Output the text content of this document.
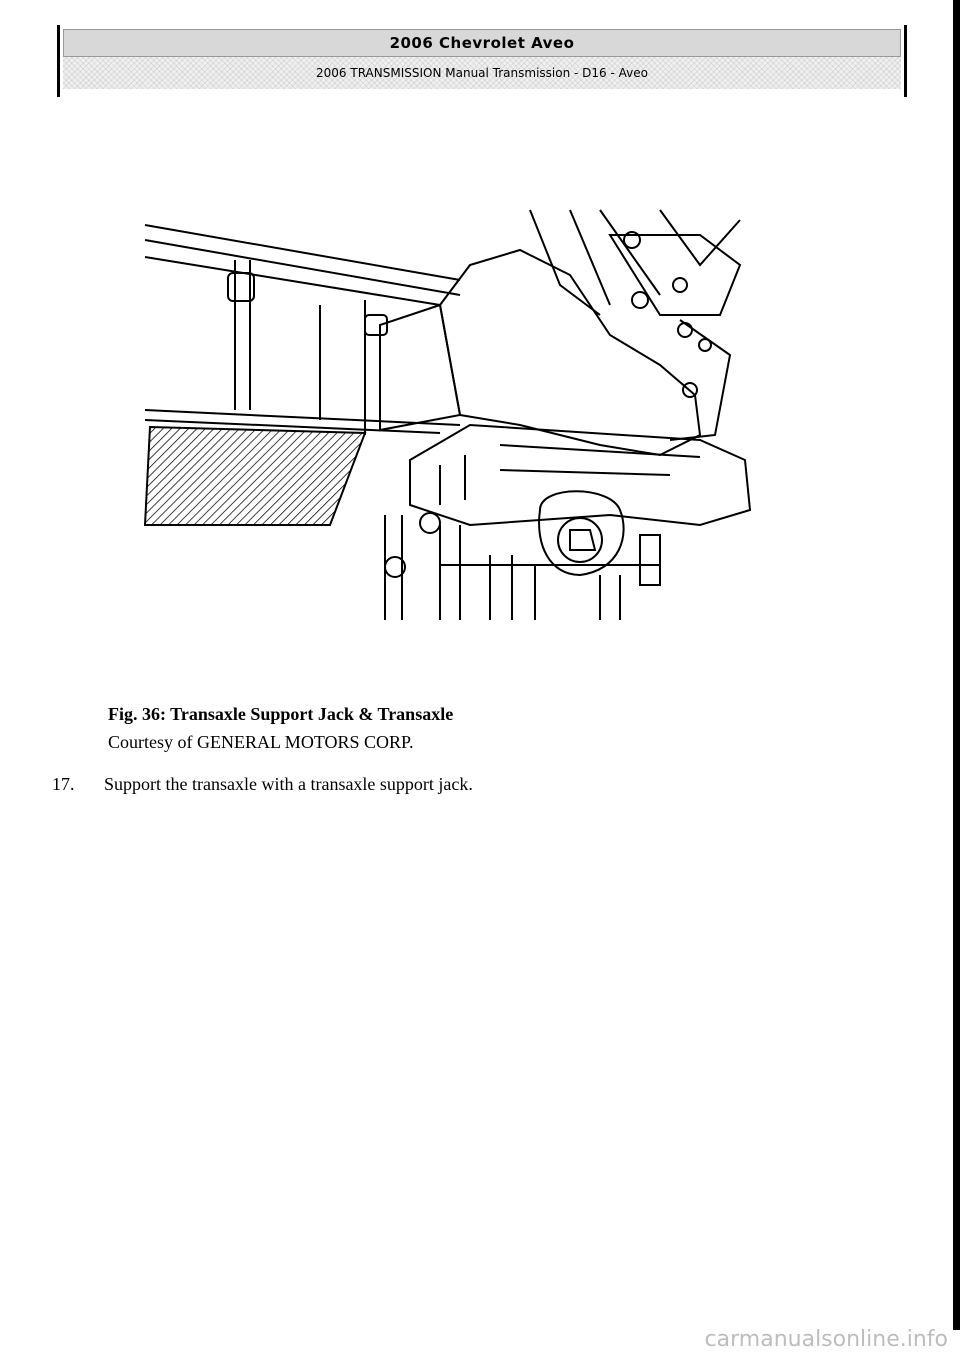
2006 Chevrolet Aveo
2006 TRANSMISSION Manual Transmission - D16 - Aveo
Fig. 36: Transaxle Support Jack & Transaxle
Courtesy of GENERAL MOTORS CORP.
17. Support the transaxle with a transaxle support jack.
carmanualsonline.info
